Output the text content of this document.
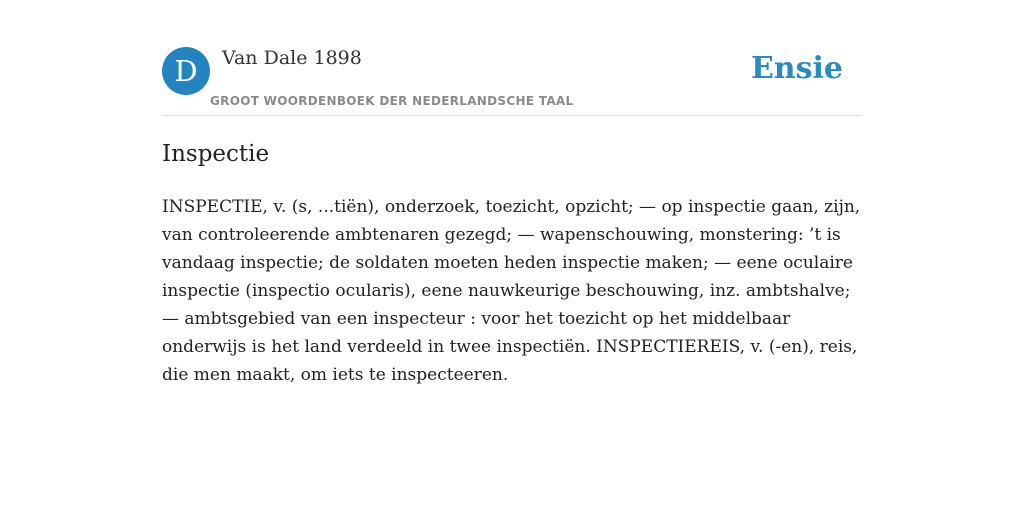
D	Van Dale 1898
GROOT WOORDENBOEK DER NEDERLANDSCHE TAAL
Ensie
Inspectie
INSPECTIE, v. (s, ...tiën), onderzoek, toezicht, opzicht; — op inspectie gaan, zijn,
van controleerende ambtenaren gezegd; — wapenschouwing, monstering: ’t is
vandaag inspectie; de soldaten moeten heden inspectie maken; — eene oculaire
inspectie (inspectio ocularis), eene nauwkeurige beschouwing, inz. ambtshalve;
— ambtsgebied van een inspecteur : voor het toezicht op het middelbaar
onderwijs is het land verdeeld in twee inspectiën. INSPECTIEREIS, v. (-en), reis,
die men maakt, om iets te inspecteeren.
